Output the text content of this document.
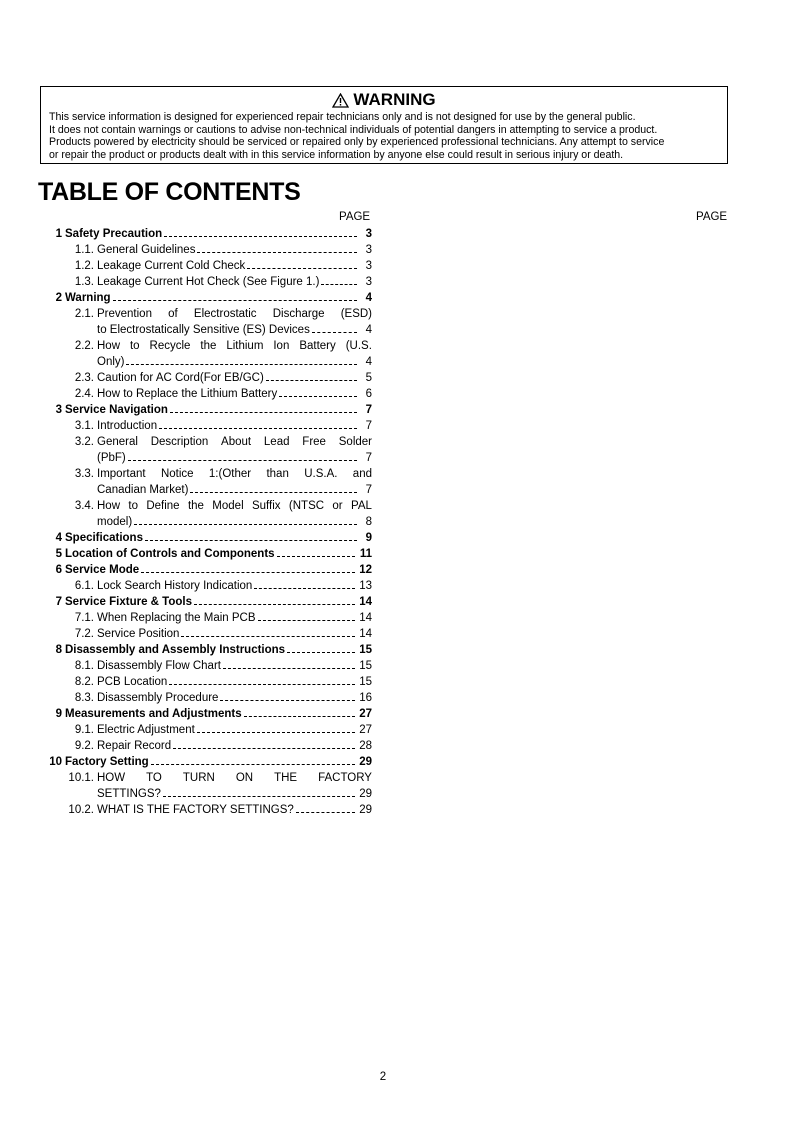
WARNING
This service information is designed for experienced repair technicians only and is not designed for use by the general public.
It does not contain warnings or cautions to advise non-technical individuals of potential dangers in attempting to service a product.
Products powered by electricity should be serviced or repaired only by experienced professional technicians. Any attempt to service
or repair the product or products dealt with in this service information by anyone else could result in serious injury or death.
TABLE OF CONTENTS
PAGE	PAGE
1 Safety Precaution	3
1.1. General Guidelines	3
1.2. Leakage Current Cold Check	3
1.3. Leakage Current Hot Check (See Figure 1.)	3
2 Warning	4
2.1. Prevention of Electrostatic Discharge (ESD)
to Electrostatically Sensitive (ES) Devices	4
2.2. How to Recycle the Lithium Ion Battery (U.S.
Only)	4
2.3. Caution for AC Cord(For EB/GC)	5
2.4. How to Replace the Lithium Battery	6
3 Service Navigation	7
3.1. Introduction	7
3.2. General Description About Lead Free Solder
(PbF)	7
3.3. Important Notice 1:(Other than U.S.A. and
Canadian Market)	7
3.4. How to Define the Model Suffix (NTSC or PAL
model)	8
4 Specifications	9
5 Location of Controls and Components	11
6 Service Mode	12
6.1. Lock Search History Indication	13
7 Service Fixture & Tools	14
7.1. When Replacing the Main PCB	14
7.2. Service Position	14
8 Disassembly and Assembly Instructions	15
8.1. Disassembly Flow Chart	15
8.2. PCB Location	15
8.3. Disassembly Procedure	16
9 Measurements and Adjustments	27
9.1. Electric Adjustment	27
9.2. Repair Record	28
10 Factory Setting	29
10.1. HOW TO TURN ON THE FACTORY
SETTINGS?	29
10.2. WHAT IS THE FACTORY SETTINGS?	29
2
